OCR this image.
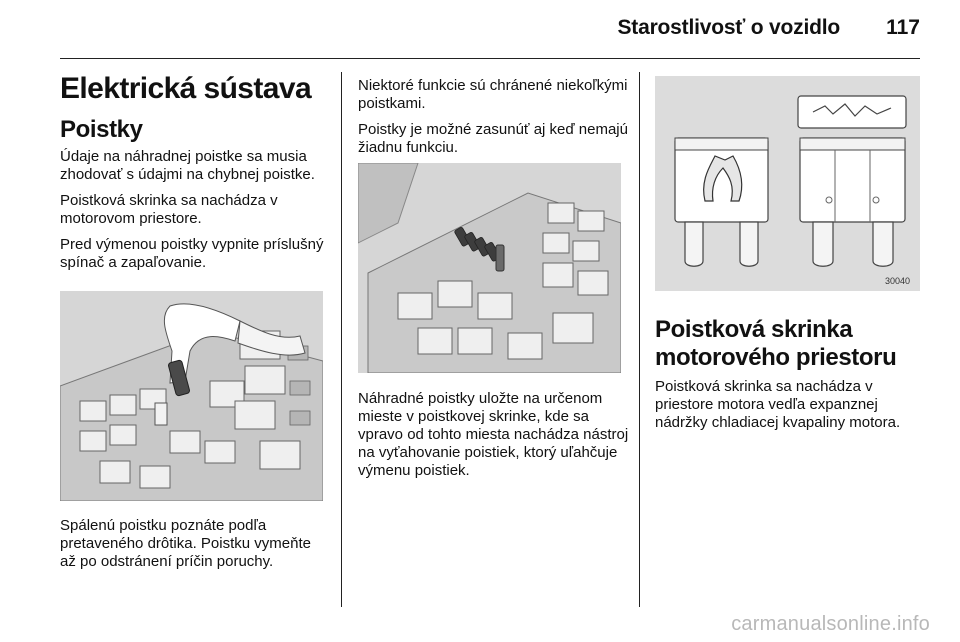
Starostlivosť o vozidlo 117
Elektrická sústava
Poistky

Údaje na náhradnej poistke sa musia zhodovať s údajmi na chybnej poistke.

Poistková skrinka sa nachádza v motorovom priestore.

Pred výmenou poistky vypnite príslušný spínač a zapaľovanie.

Spálenú poistku poznáte podľa pretaveného drôtika. Poistku vymeňte až po odstránení príčin poruchy.

Niektoré funkcie sú chránené niekoľkými poistkami.

Poistky je možné zasunúť aj keď nemajú žiadnu funkciu.

Náhradné poistky uložte na určenom mieste v poistkovej skrinke, kde sa vpravo od tohto miesta nachádza nástroj na vyťahovanie poistiek, ktorý uľahčuje výmenu poistiek.

30040
Poistková skrinka motorového priestoru

Poistková skrinka sa nachádza v priestore motora vedľa expanznej nádržky chladiacej kvapaliny motora.

carmanualsonline.info
